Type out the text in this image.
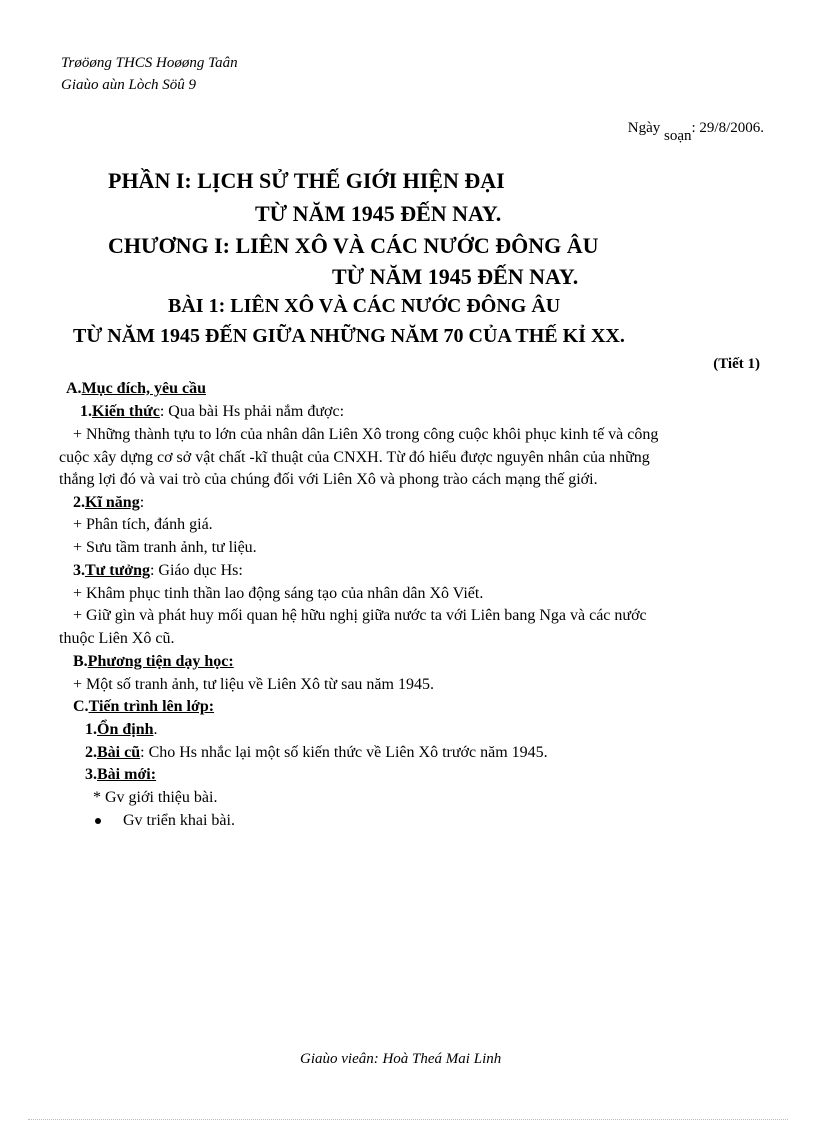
Trøöøng THCS Hoøøng Taân
Giaùo aùn Lòch Söû 9
Ngày soạn: 29/8/2006.
PHẦN I: LỊCH SỬ THẾ GIỚI HIỆN ĐẠI
TỪ NĂM 1945 ĐẾN NAY.
CHƯƠNG I: LIÊN XÔ VÀ CÁC NƯỚC ĐÔNG ÂU
TỪ NĂM 1945 ĐẾN NAY.
BÀI 1: LIÊN XÔ VÀ CÁC NƯỚC ĐÔNG ÂU
TỪ NĂM 1945 ĐẾN GIỮA NHỮNG NĂM 70 CỦA THẾ KỈ XX.
(Tiết 1)
A.Mục đích, yêu cầu
1.Kiến thức: Qua bài Hs phải nắm được:
+ Những thành tựu to lớn của nhân dân Liên Xô trong công cuộc khôi phục kinh tế và công
cuộc xây dựng cơ sở vật chất -kĩ thuật của CNXH. Từ đó hiểu được nguyên nhân của những
thắng lợi đó và vai trò của chúng đối với Liên Xô và phong trào cách mạng thế giới.
2.Kĩ năng:
+ Phân tích, đánh giá.
+ Sưu tầm tranh ảnh, tư liệu.
3.Tư tưởng: Giáo dục Hs:
+ Khâm phục tinh thần lao động sáng tạo của nhân dân Xô Viết.
+ Giữ gìn và phát huy mối quan hệ hữu nghị giữa nước ta với Liên bang Nga và các nước
thuộc Liên Xô cũ.
B.Phương tiện dạy học:
+ Một số tranh ảnh, tư liệu về Liên Xô từ sau năm 1945.
C.Tiến trình lên lớp:
1.Ổn định.
2.Bài cũ: Cho Hs nhắc lại một số kiến thức về Liên Xô trước năm 1945.
3.Bài mới:
* Gv giới thiệu bài.
Gv triển khai bài.
Giaùo vieân: Hoà Theá Mai Linh
